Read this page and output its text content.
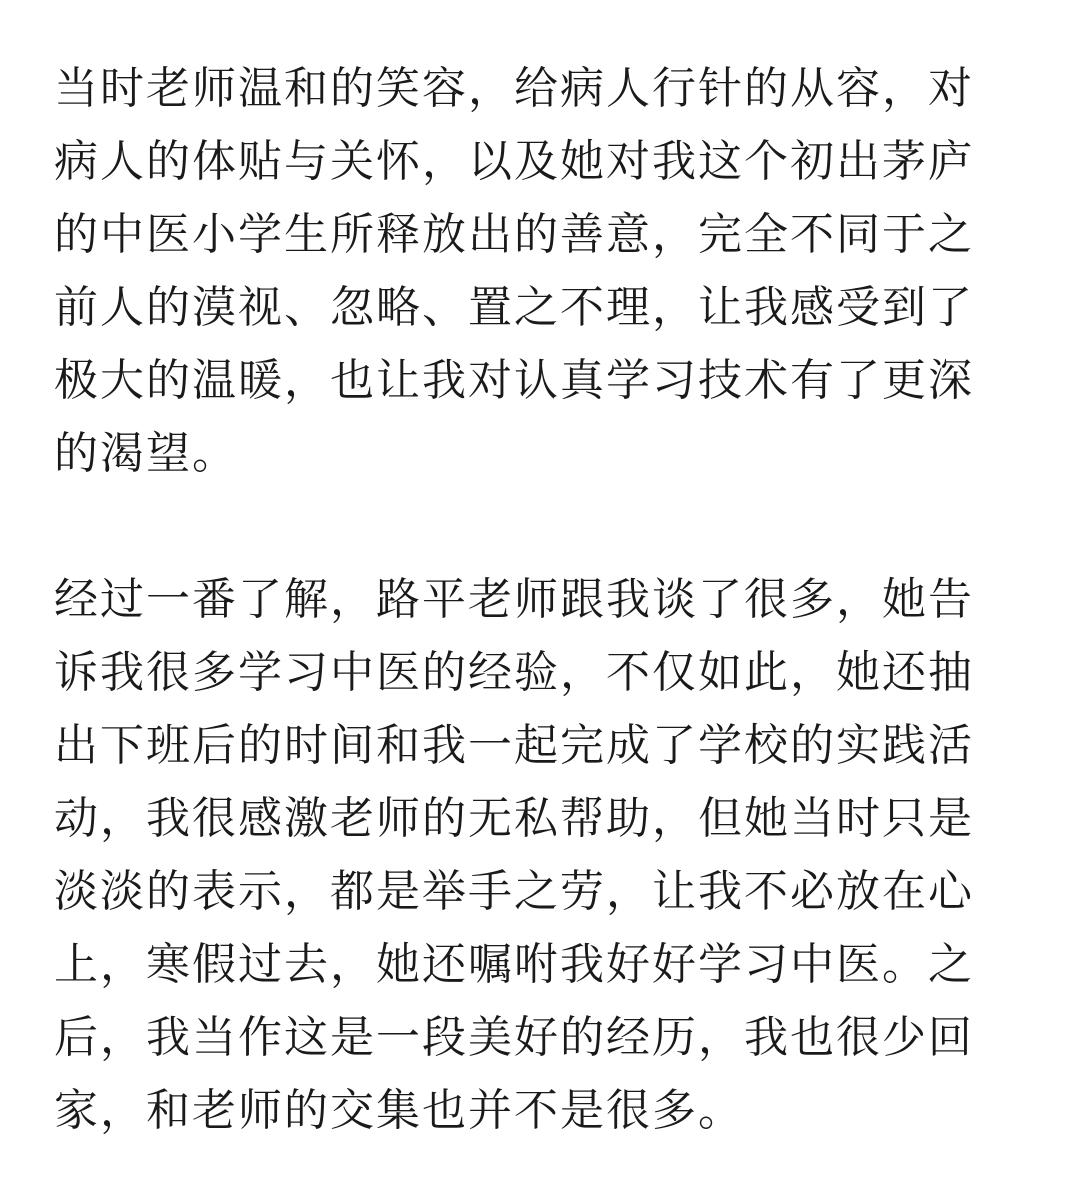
当时老师温和的笑容，给病人行针的从容，对
病人的体贴与关怀，以及她对我这个初出茅庐
的中医小学生所释放出的善意，完全不同于之
前人的漠视、忽略、置之不理，让我感受到了
极大的温暖，也让我对认真学习技术有了更深
的渴望。
经过一番了解，路平老师跟我谈了很多，她告
诉我很多学习中医的经验，不仅如此，她还抽
出下班后的时间和我一起完成了学校的实践活
动，我很感激老师的无私帮助，但她当时只是
淡淡的表示，都是举手之劳，让我不必放在心
上，寒假过去，她还嘱咐我好好学习中医。之
后，我当作这是一段美好的经历，我也很少回
家，和老师的交集也并不是很多。
